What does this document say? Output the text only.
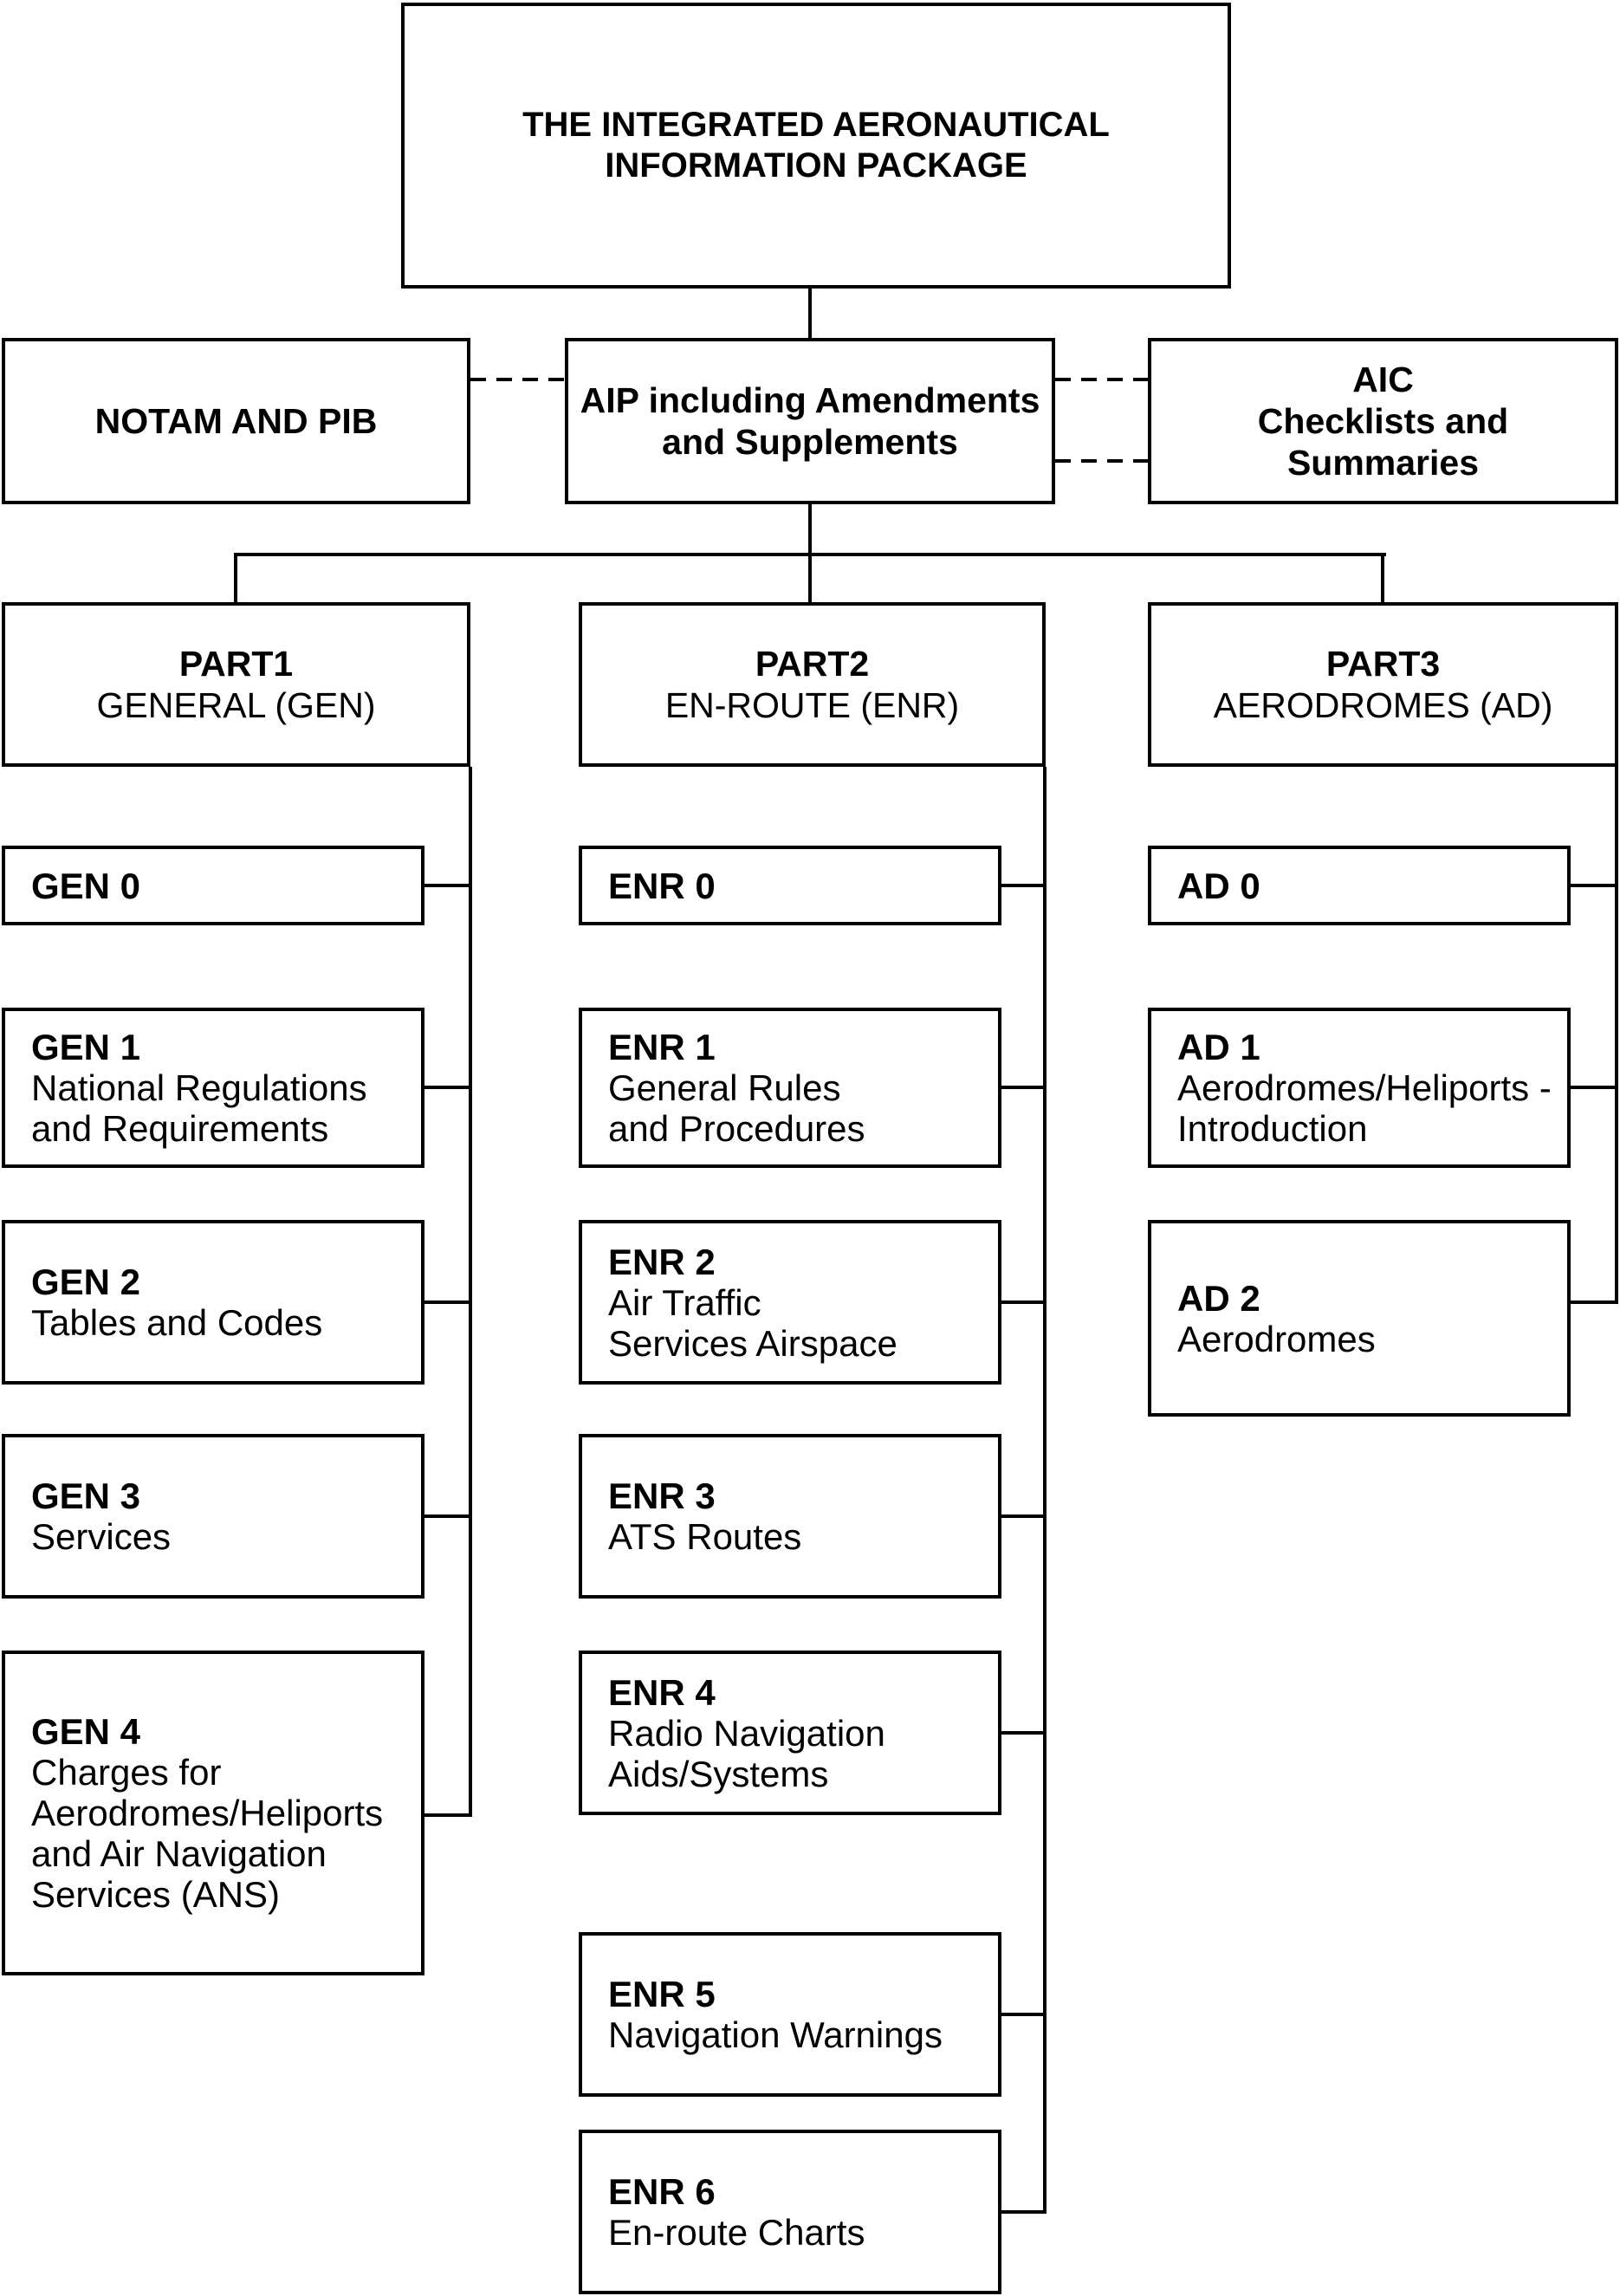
THE INTEGRATED AERONAUTICAL
INFORMATION PACKAGE
NOTAM AND PIB
AIP including Amendments
and Supplements
AIC
Checklists and
Summaries
PART1
GENERAL (GEN)
PART2
EN-ROUTE (ENR)
PART3
AERODROMES (AD)
GEN 0
GEN 1
National Regulations
and Requirements
GEN 2
Tables and Codes
GEN 3
Services
GEN 4
Charges for
Aerodromes/Heliports
and Air Navigation
Services (ANS)
ENR 0
ENR 1
General Rules
and Procedures
ENR 2
Air Traffic
Services Airspace
ENR 3
ATS Routes
ENR 4
Radio Navigation
Aids/Systems
ENR 5
Navigation Warnings
ENR 6
En-route Charts
AD 0
AD 1
Aerodromes/Heliports -
Introduction
AD 2
Aerodromes
